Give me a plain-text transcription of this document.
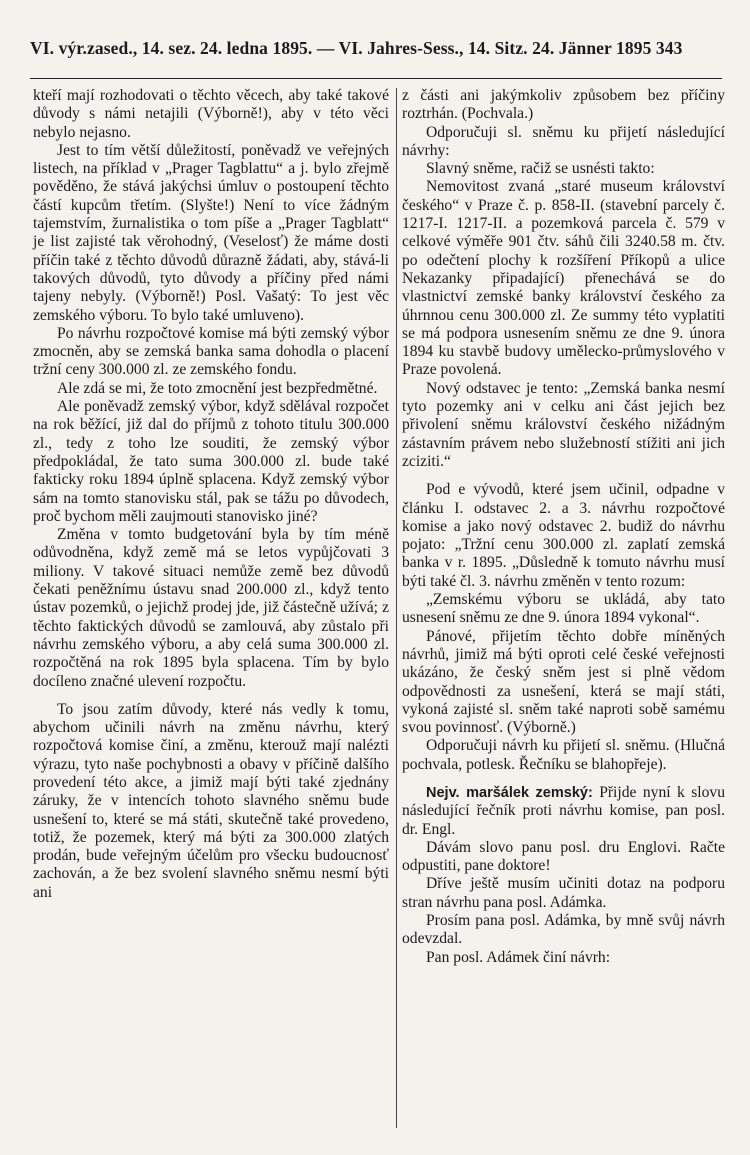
VI. výr.zased., 14. sez. 24. ledna 1895. — VI. Jahres-Sess., 14. Sitz. 24. Jänner 1895 343

kteří mají rozhodovati o těchto věcech, aby také takové důvody s námi netajili (Výborně!), aby v této věci nebylo nejasno.

Jest to tím větší důležitostí, poněvadž ve veřejných listech, na příklad v „Prager Tagblattu“ a j. bylo zřejmě pověděno, že stává jakýchsi úmluv o postoupení těchto částí kupcům třetím. (Slyšte!) Není to více žádným tajemstvím, žurnalistika o tom píše a „Prager Tagblatt“ je list zajisté tak věrohodný, (Veselosť) že máme dosti příčin také z těchto důvodů důrazně žádati, aby, stává-li takových důvodů, tyto důvody a příčiny před námi tajeny nebyly. (Výborně!) Posl. Vašatý: To jest věc zemského výboru. To bylo také umluveno).

Po návrhu rozpočtové komise má býti zemský výbor zmocněn, aby se zemská banka sama dohodla o placení tržní ceny 300.000 zl. ze zemského fondu.

Ale zdá se mi, že toto zmocnění jest bezpředmětné.

Ale poněvadž zemský výbor, když sdělával rozpočet na rok běžící, již dal do příjmů z tohoto titulu 300.000 zl., tedy z toho lze souditi, že zemský výbor předpokládal, že tato suma 300.000 zl. bude také fakticky roku 1894 úplně splacena. Když zemský výbor sám na tomto stanovisku stál, pak se tážu po důvodech, proč bychom měli zaujmouti stanovisko jiné?

Změna v tomto budgetování byla by tím méně odůvodněna, když země má se letos vypůjčovati 3 miliony. V takové situaci nemůže země bez důvodů čekati peněžnímu ústavu snad 200.000 zl., když tento ústav pozemků, o jejichž prodej jde, již částečně užívá; z těchto faktických důvodů se zamlouvá, aby zůstalo při návrhu zemského výboru, a aby celá suma 300.000 zl. rozpočtěná na rok 1895 byla splacena. Tím by bylo docíleno značné ulevení rozpočtu.

To jsou zatím důvody, které nás vedly k tomu, abychom učinili návrh na změnu návrhu, který rozpočtová komise činí, a změnu, kterouž mají nalézti výrazu, tyto naše pochybnosti a obavy v příčině dalšího provedení této akce, a jimiž mají býti také zjednány záruky, že v intencích tohoto slavného sněmu bude usnešení to, které se má státi, skutečně také provedeno, totiž, že pozemek, který má býti za 300.000 zlatých prodán, bude veřejným účelům pro všecku budoucnosť zachován, a že bez svolení slavného sněmu nesmí býti ani

z části ani jakýmkoliv způsobem bez příčiny roztrhán. (Pochvala.)

Odporučuji sl. sněmu ku přijetí následující návrhy:

Slavný sněme, račiž se usnésti takto:

Nemovitost zvaná „staré museum království českého“ v Praze č. p. 858-II. (stavební parcely č. 1217-I. 1217-II. a pozemková parcela č. 579 v celkové výměře 901 čtv. sáhů čili 3240.58 m. čtv. po odečtení plochy k rozšíření Příkopů a ulice Nekazanky připadající) přenechává se do vlastnictví zemské banky království českého za úhrnnou cenu 300.000 zl. Ze summy této vyplatiti se má podpora usnesením sněmu ze dne 9. února 1894 ku stavbě budovy umělecko-průmyslového v Praze povolená.

Nový odstavec je tento: „Zemská banka nesmí tyto pozemky ani v celku ani část jejich bez přivolení sněmu království českého nižádným zástavním právem nebo služebností stížiti ani jich zciziti.“

Pod e vývodů, které jsem učinil, odpadne v článku I. odstavec 2. a 3. návrhu rozpočtové komise a jako nový odstavec 2. budiž do návrhu pojato: „Tržní cenu 300.000 zl. zaplatí zemská banka v r. 1895. „Důsledně k tomuto návrhu musí býti také čl. 3. návrhu změněn v tento rozum:

„Zemskému výboru se ukládá, aby tato usnesení sněmu ze dne 9. února 1894 vykonal“.

Pánové, přijetím těchto dobře míněných návrhů, jimiž má býti oproti celé české veřejnosti ukázáno, že český sněm jest si plně vědom odpovědnosti za usnešení, která se mají státi, vykoná zajisté sl. sněm také naproti sobě samému svou povinnosť. (Výborně.)

Odporučuji návrh ku přijetí sl. sněmu. (Hlučná pochvala, potlesk. Řečníku se blahopřeje).

Nejv. maršálek zemský: Přijde nyní k slovu následující řečník proti návrhu komise, pan posl. dr. Engl.

Dávám slovo panu posl. dru Englovi. Račte odpustiti, pane doktore!

Dříve ještě musím učiniti dotaz na podporu stran návrhu pana posl. Adámka.

Prosím pana posl. Adámka, by mně svůj návrh odevzdal.

Pan posl. Adámek činí návrh:
